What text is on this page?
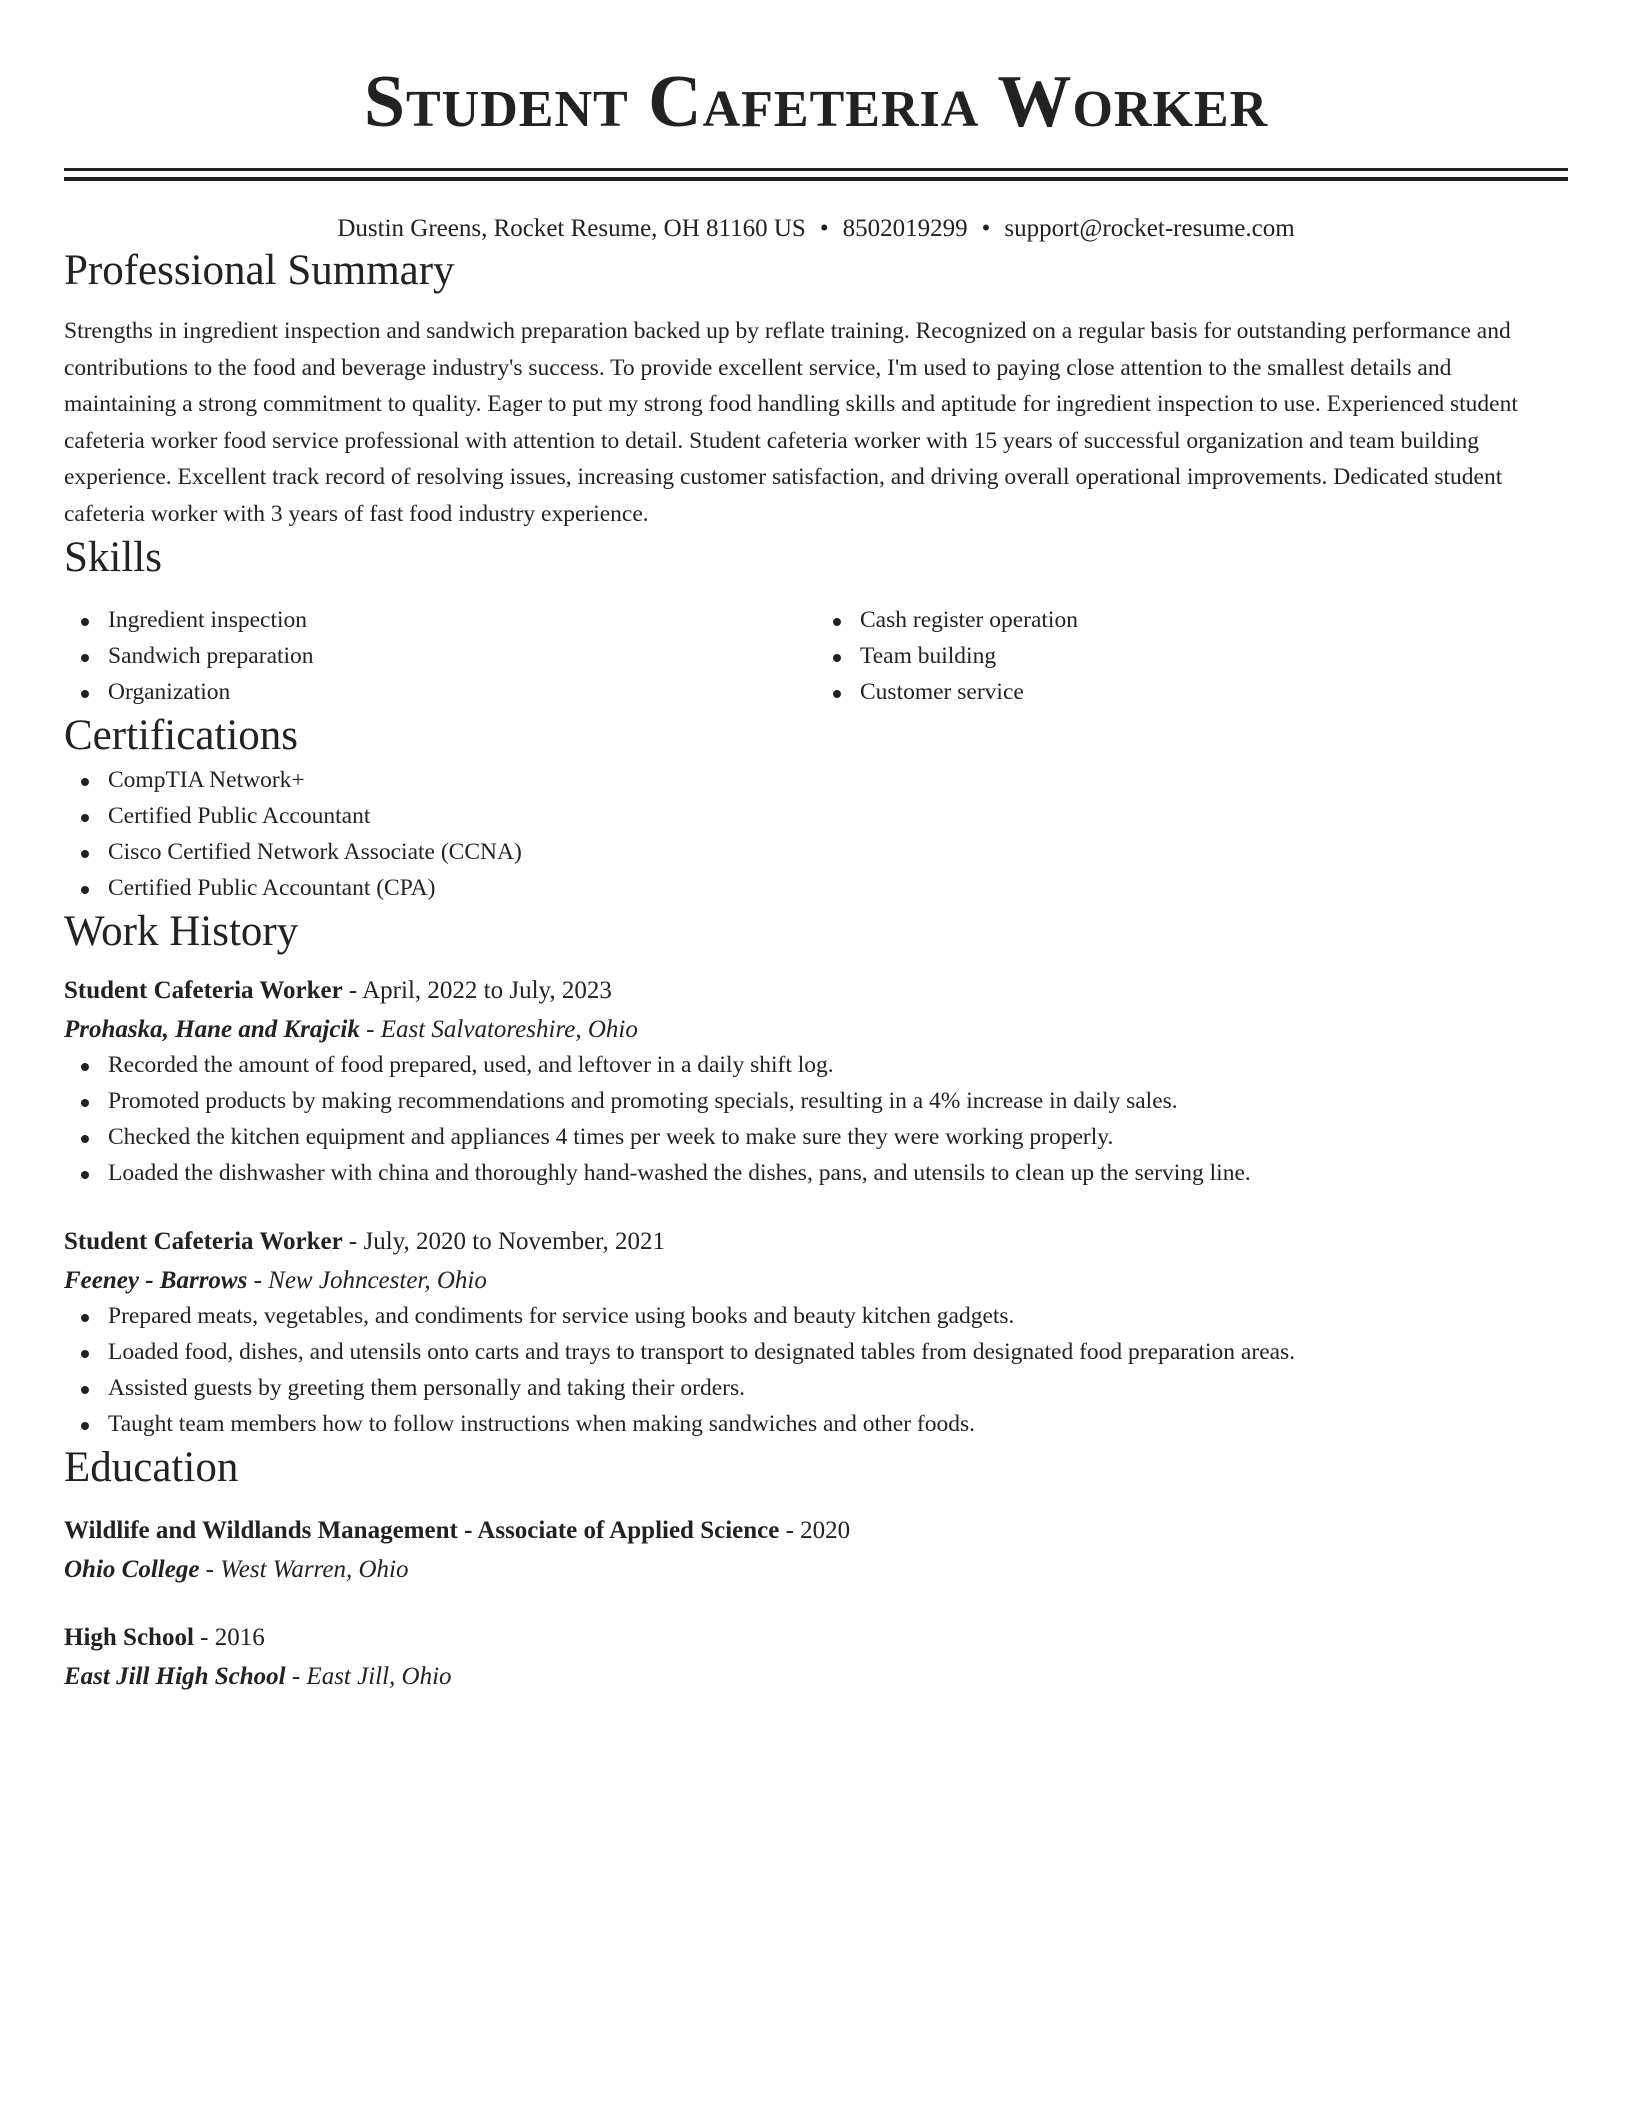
Student Cafeteria Worker
Dustin Greens, Rocket Resume, OH 81160 US • 8502019299 • support@rocket-resume.com
Professional Summary
Strengths in ingredient inspection and sandwich preparation backed up by reflate training. Recognized on a regular basis for outstanding performance and contributions to the food and beverage industry's success. To provide excellent service, I'm used to paying close attention to the smallest details and maintaining a strong commitment to quality. Eager to put my strong food handling skills and aptitude for ingredient inspection to use. Experienced student cafeteria worker food service professional with attention to detail. Student cafeteria worker with 15 years of successful organization and team building experience. Excellent track record of resolving issues, increasing customer satisfaction, and driving overall operational improvements. Dedicated student cafeteria worker with 3 years of fast food industry experience.
Skills
Ingredient inspection
Sandwich preparation
Organization
Cash register operation
Team building
Customer service
Certifications
CompTIA Network+
Certified Public Accountant
Cisco Certified Network Associate (CCNA)
Certified Public Accountant (CPA)
Work History
Student Cafeteria Worker - April, 2022 to July, 2023
Prohaska, Hane and Krajcik - East Salvatoreshire, Ohio
Recorded the amount of food prepared, used, and leftover in a daily shift log.
Promoted products by making recommendations and promoting specials, resulting in a 4% increase in daily sales.
Checked the kitchen equipment and appliances 4 times per week to make sure they were working properly.
Loaded the dishwasher with china and thoroughly hand-washed the dishes, pans, and utensils to clean up the serving line.
Student Cafeteria Worker - July, 2020 to November, 2021
Feeney - Barrows - New Johncester, Ohio
Prepared meats, vegetables, and condiments for service using books and beauty kitchen gadgets.
Loaded food, dishes, and utensils onto carts and trays to transport to designated tables from designated food preparation areas.
Assisted guests by greeting them personally and taking their orders.
Taught team members how to follow instructions when making sandwiches and other foods.
Education
Wildlife and Wildlands Management - Associate of Applied Science - 2020
Ohio College - West Warren, Ohio
High School - 2016
East Jill High School - East Jill, Ohio
